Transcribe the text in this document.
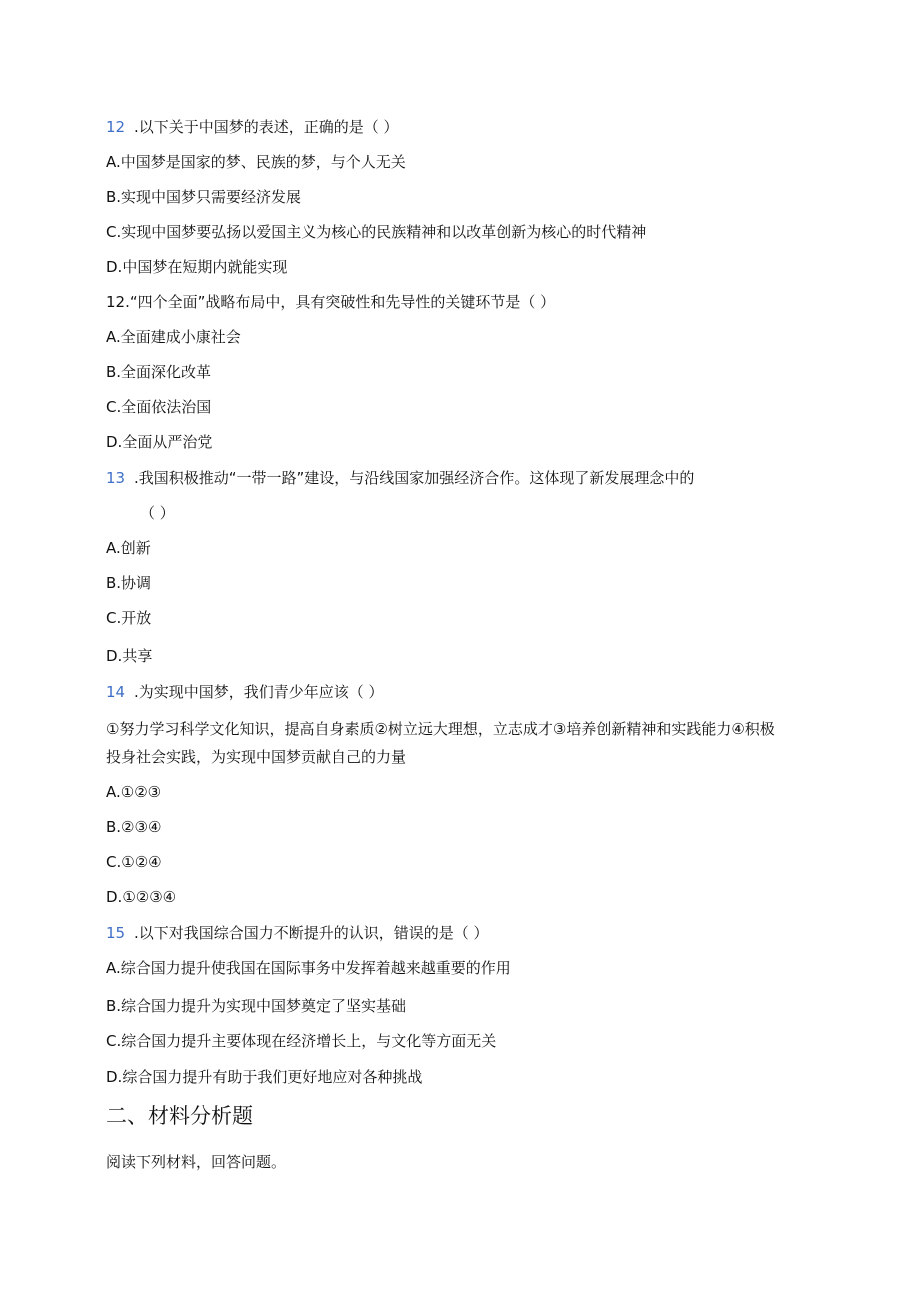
12 .以下关于中国梦的表述，正确的是（ ）
A.中国梦是国家的梦、民族的梦，与个人无关
B.实现中国梦只需要经济发展
C.实现中国梦要弘扬以爱国主义为核心的民族精神和以改革创新为核心的时代精神
D.中国梦在短期内就能实现
12.“四个全面”战略布局中，具有突破性和先导性的关键环节是（ ）
A.全面建成小康社会
B.全面深化改革
C.全面依法治国
D.全面从严治党
13 .我国积极推动“一带一路”建设，与沿线国家加强经济合作。这体现了新发展理念中的
（ ）
A.创新
B.协调
C.开放
D.共享
14 .为实现中国梦，我们青少年应该（ ）
①努力学习科学文化知识，提高自身素质②树立远大理想，立志成才③培养创新精神和实践能力④积极
投身社会实践，为实现中国梦贡献自己的力量
A.①②③
B.②③④
C.①②④
D.①②③④
15 .以下对我国综合国力不断提升的认识，错误的是（ ）
A.综合国力提升使我国在国际事务中发挥着越来越重要的作用
B.综合国力提升为实现中国梦奠定了坚实基础
C.综合国力提升主要体现在经济增长上，与文化等方面无关
D.综合国力提升有助于我们更好地应对各种挑战
二、材料分析题
阅读下列材料，回答问题。
